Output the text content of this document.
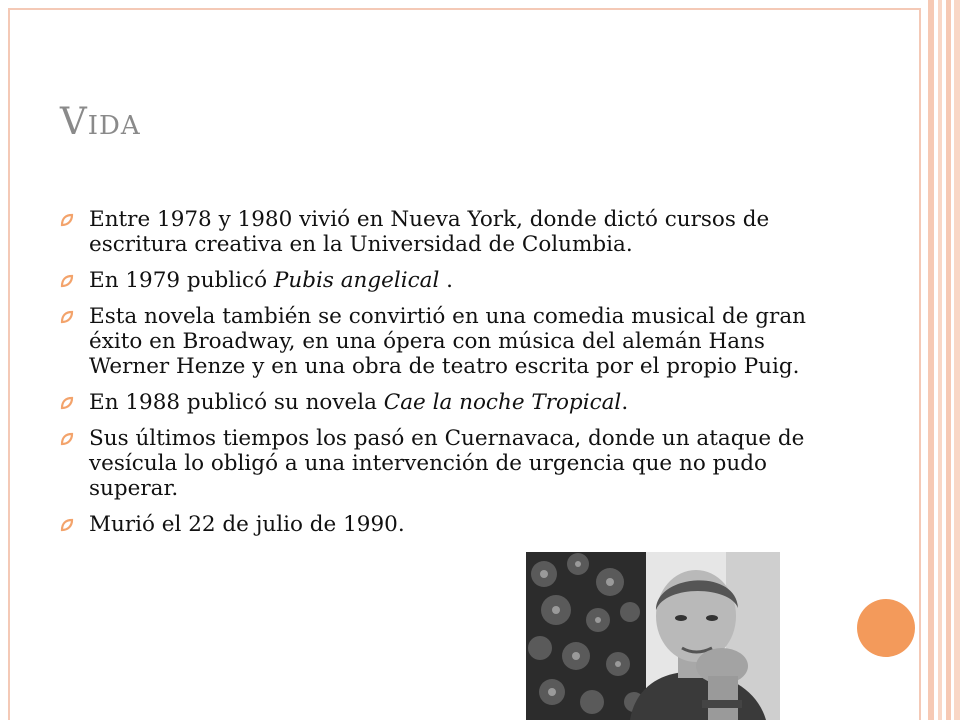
VIDA
Entre 1978 y 1980 vivió en Nueva York, donde dictó cursos de escritura creativa en la Universidad de Columbia.
En 1979 publicó Pubis angelical .
Esta novela también se convirtió en una comedia musical de gran éxito en Broadway, en una ópera con música del alemán Hans Werner Henze y en una obra de teatro escrita por el propio Puig.
En 1988 publicó su novela Cae la noche Tropical.
Sus últimos tiempos los pasó en Cuernavaca, donde un ataque de vesícula lo obligó a una intervención de urgencia que no pudo superar.
Murió el 22 de julio de 1990.
